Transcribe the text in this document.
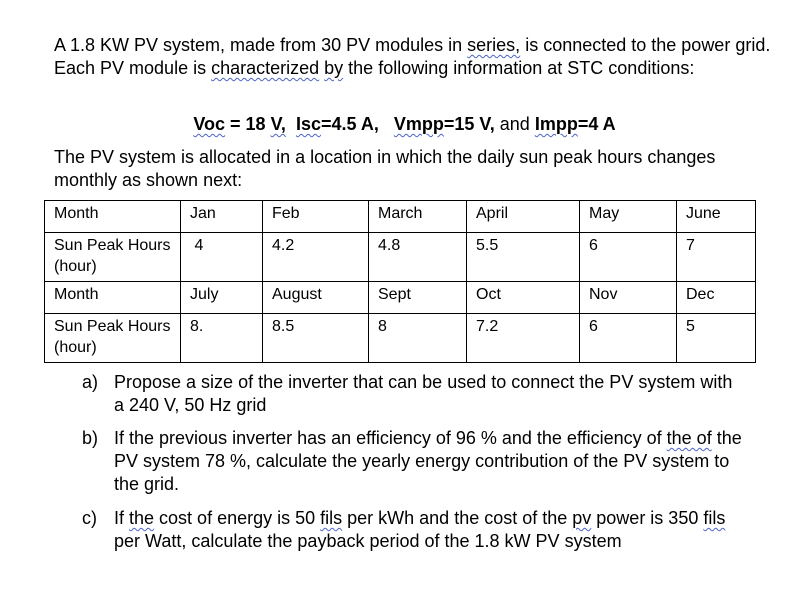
A 1.8 KW PV system, made from 30 PV modules in series, is connected to the power grid. Each PV module is characterized by the following information at STC conditions:

Voc = 18 V, Isc=4.5 A, Vmpp=15 V, and Impp=4 A

The PV system is allocated in a location in which the daily sun peak hours changes monthly as shown next:

Month	Jan	Feb	March	April	May	June
Sun Peak Hours (hour)	4	4.2	4.8	5.5	6	7
Month	July	August	Sept	Oct	Nov	Dec
Sun Peak Hours (hour)	8.	8.5	8	7.2	6	5
a) Propose a size of the inverter that can be used to connect the PV system with a 240 V, 50 Hz grid
b) If the previous inverter has an efficiency of 96 % and the efficiency of the of the PV system 78 %, calculate the yearly energy contribution of the PV system to the grid.
c) If the cost of energy is 50 fils per kWh and the cost of the pv power is 350 fils per Watt, calculate the payback period of the 1.8 kW PV system
